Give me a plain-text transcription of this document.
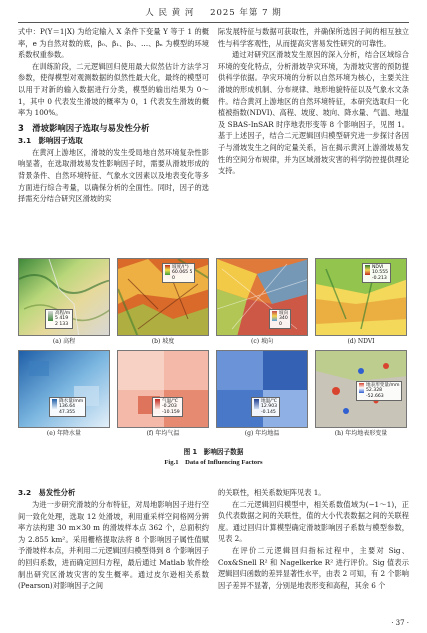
人 民 黄 河 2025 年第 7 期

式中：P(Y＝1|X) 为给定输入 X 条件下变量 Y 等于 1 的概率，e 为自然对数的底，β₀、β₁、β₂、…、βₙ 为模型的环境系数权重参数。

在训练阶段，二元逻辑回归使用最大似然估计方法学习参数，使得模型对观测数据的似然性最大化，最终的模型可以用于对新的输入数据进行分类，模型的输出结果为 0～1，其中 0 代表发生滑坡的概率为 0，1 代表发生滑坡的概率为 100%。

3　滑坡影响因子选取与易发性分析
3.1　影响因子选取

在黄河上游地区，滑坡的发生受局地自然环境复杂性影响显著，在选取滑坡易发性影响因子时，需要从滑坡形成的背景条件、自然环境特征、气象水文因素以及地表变化等多方面进行综合考量，以确保分析的全面性。同时，因子的选择需充分结合研究区滑坡的实

际发展特征与数据可获取性，并确保所选因子间的相互独立性与科学客观性，从而提高灾害易发性研究的可靠性。

通过对研究区滑坡发生原因的深入分析，结合区域综合环境的变化特点，分析滑坡孕灾环境，为滑坡灾害的预防提供科学依据。孕灾环境的分析以自然环境为核心，主要关注滑坡的形成机制、分布规律、地形地貌特征以及气象水文条件。结合黄河上游地区的自然环境特征，本研究选取归一化植被指数(NDVI)、高程、坡度、坡向、降水量、气温、地温及 SBAS-InSAR 时序地表形变等 8 个影响因子，见图 1。基于上述因子，结合二元逻辑回归模型研究进一步探讨各因子与滑坡发生之间的定量关系，旨在揭示黄河上游滑坡易发性的空间分布规律，并为区域滑坡灾害的科学防控提供理论支持。

高程/m
5 419
2 133
(a) 高程
坡度/(°)
60.065 5
0
(b) 坡度
坡向
340
0
(c) 坡向
NDVI
10.555
-0.213
(d) NDVI
降水量/mm
136.64
47.355
(e) 年降水量
气温/℃
-0.203
-10.159
(f) 年均气温
地温/℃
12.903
-0.145
(g) 年均地温
地表形变量/mm
52.328
-52.663
(h) 年均地表形变量
图 1　影响因子数据
Fig.1　Data of Influencing Factors
3.2　易发性分析

为进一步研究滑坡的分布特征，对局地影响因子进行空间一致化处理，选取 12 处滑坡，利用重采样空间格网分辨率方法构建 30 m×30 m 的滑坡样本点 362 个，总面积约为 2.855 km²。采用栅格提取法将 8 个影响因子属性值赋予滑坡样本点，并利用二元逻辑回归模型得到 8 个影响因子的回归系数，进而确定回归方程，最后通过 Matlab 软件绘制出研究区滑坡灾害的发生概率。通过皮尔逊相关系数(Pearson)对影响因子之间

的关联性，相关系数矩阵见表 1。

在二元逻辑回归模型中，相关系数值域为(−1～1)，正负代表数据之间的关联性，值的大小代表数据之间的关联程度。通过回归计算模型确定滑坡影响因子系数与模型参数，见表 2。

在评价二元逻辑回归指标过程中，主要对 Sig、Cox&Snell R² 和 Nagelkerke R² 进行评价。Sig 值表示逻辑回归函数的差异显著性水平，由表 2 可知，有 2 个影响因子差异不显著，分别是地表形变和高程，其余 6 个

· 37 ·
